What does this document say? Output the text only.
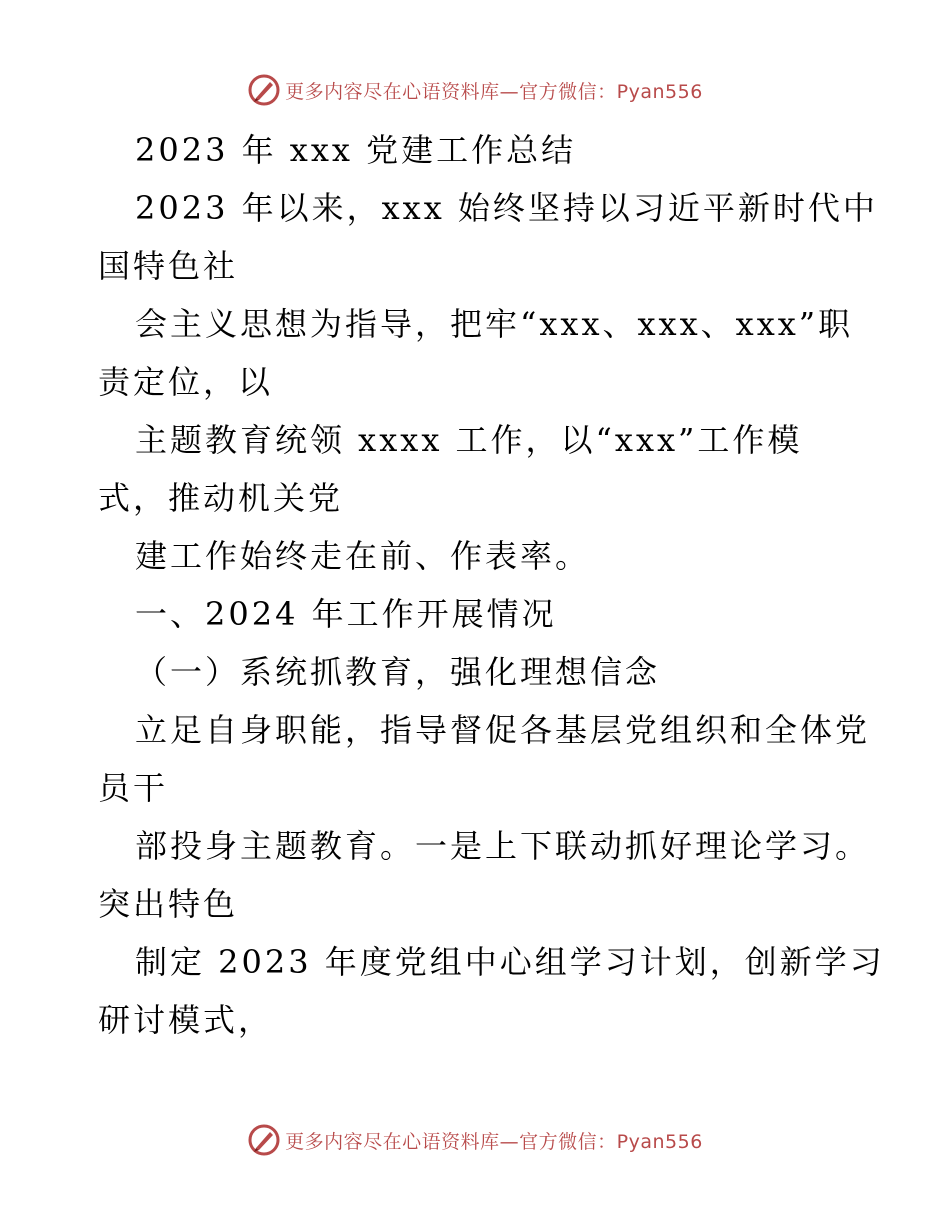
更多内容尽在心语资料库—官方微信：Pyan556
2023 年 xxx 党建工作总结
2023 年以来，xxx 始终坚持以习近平新时代中
国特色社
会主义思想为指导，把牢“xxx、xxx、xxx”职
责定位，以
主题教育统领 xxxx 工作，以“xxx”工作模
式，推动机关党
建工作始终走在前、作表率。
一、2024 年工作开展情况
（一）系统抓教育，强化理想信念
立足自身职能，指导督促各基层党组织和全体党
员干
部投身主题教育。一是上下联动抓好理论学习。
突出特色
制定 2023 年度党组中心组学习计划，创新学习
研讨模式，
更多内容尽在心语资料库—官方微信：Pyan556
